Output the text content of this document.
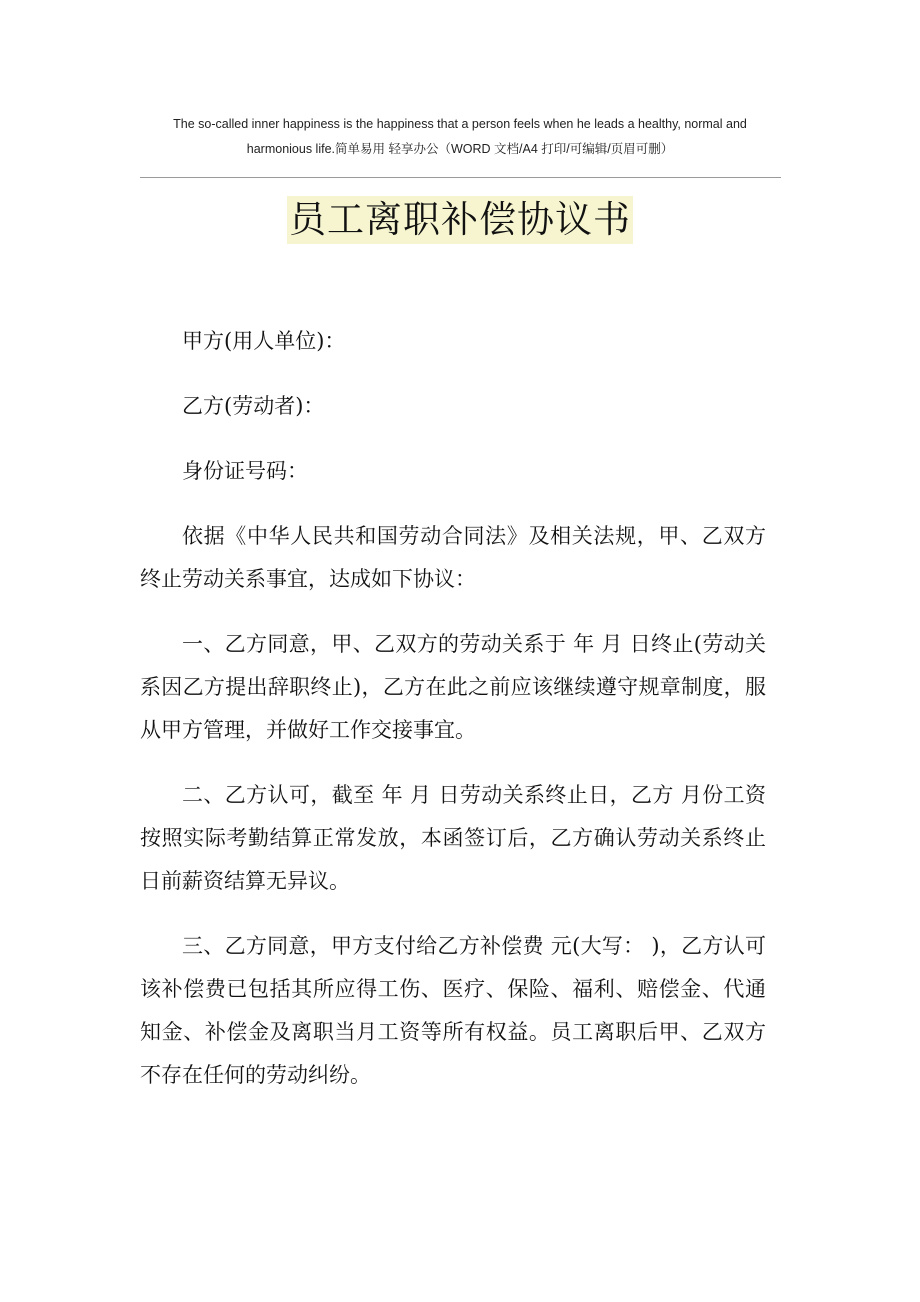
The so-called inner happiness is the happiness that a person feels when he leads a healthy, normal and
harmonious life.简单易用 轻享办公（WORD 文档/A4 打印/可编辑/页眉可删）
员工离职补偿协议书

甲方(用人单位)：

乙方(劳动者)：

身份证号码：

依据《中华人民共和国劳动合同法》及相关法规，甲、乙双方终止劳动关系事宜，达成如下协议：

一、乙方同意，甲、乙双方的劳动关系于 年 月 日终止(劳动关系因乙方提出辞职终止)，乙方在此之前应该继续遵守规章制度，服从甲方管理，并做好工作交接事宜。

二、乙方认可，截至 年 月 日劳动关系终止日，乙方 月份工资按照实际考勤结算正常发放，本函签订后，乙方确认劳动关系终止日前薪资结算无异议。

三、乙方同意，甲方支付给乙方补偿费 元(大写： )，乙方认可该补偿费已包括其所应得工伤、医疗、保险、福利、赔偿金、代通知金、补偿金及离职当月工资等所有权益。员工离职后甲、乙双方不存在任何的劳动纠纷。
